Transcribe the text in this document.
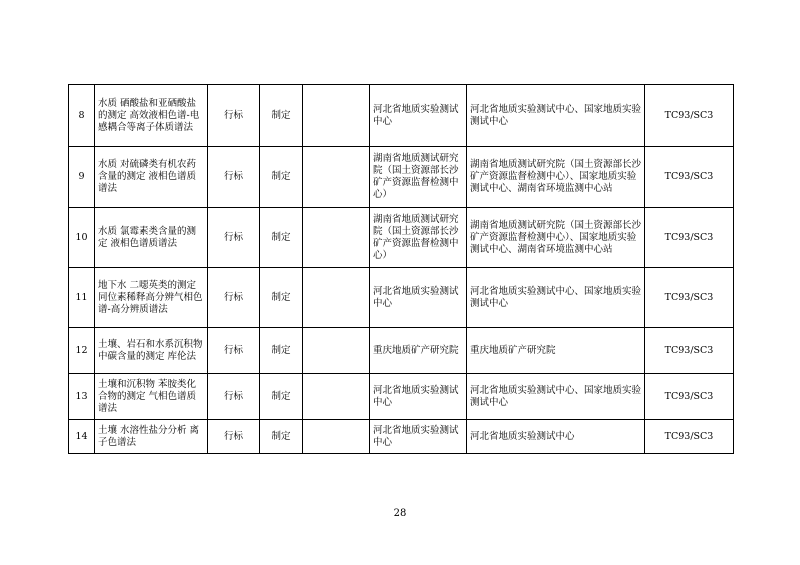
8	水质 硒酸盐和亚硒酸盐的测定 高效液相色谱-电感耦合等离子体质谱法	行标	制定		河北省地质实验测试中心	河北省地质实验测试中心、国家地质实验测试中心	TC93/SC3
9	水质 对硫磷类有机农药含量的测定 液相色谱质谱法	行标	制定		湖南省地质测试研究院（国土资源部长沙矿产资源监督检测中心）	湖南省地质测试研究院（国土资源部长沙矿产资源监督检测中心）、国家地质实验测试中心、湖南省环境监测中心站	TC93/SC3
10	水质 氯霉素类含量的测定 液相色谱质谱法	行标	制定		湖南省地质测试研究院（国土资源部长沙矿产资源监督检测中心）	湖南省地质测试研究院（国土资源部长沙矿产资源监督检测中心）、国家地质实验测试中心、湖南省环境监测中心站	TC93/SC3
11	地下水 二噁英类的测定 同位素稀释高分辨气相色谱-高分辨质谱法	行标	制定		河北省地质实验测试中心	河北省地质实验测试中心、国家地质实验测试中心	TC93/SC3
12	土壤、岩石和水系沉积物中碳含量的测定 库伦法	行标	制定		重庆地质矿产研究院	重庆地质矿产研究院	TC93/SC3
13	土壤和沉积物 苯胺类化合物的测定 气相色谱质谱法	行标	制定		河北省地质实验测试中心	河北省地质实验测试中心、国家地质实验测试中心	TC93/SC3
14	土壤 水溶性盐分分析 离子色谱法	行标	制定		河北省地质实验测试中心	河北省地质实验测试中心	TC93/SC3
28
